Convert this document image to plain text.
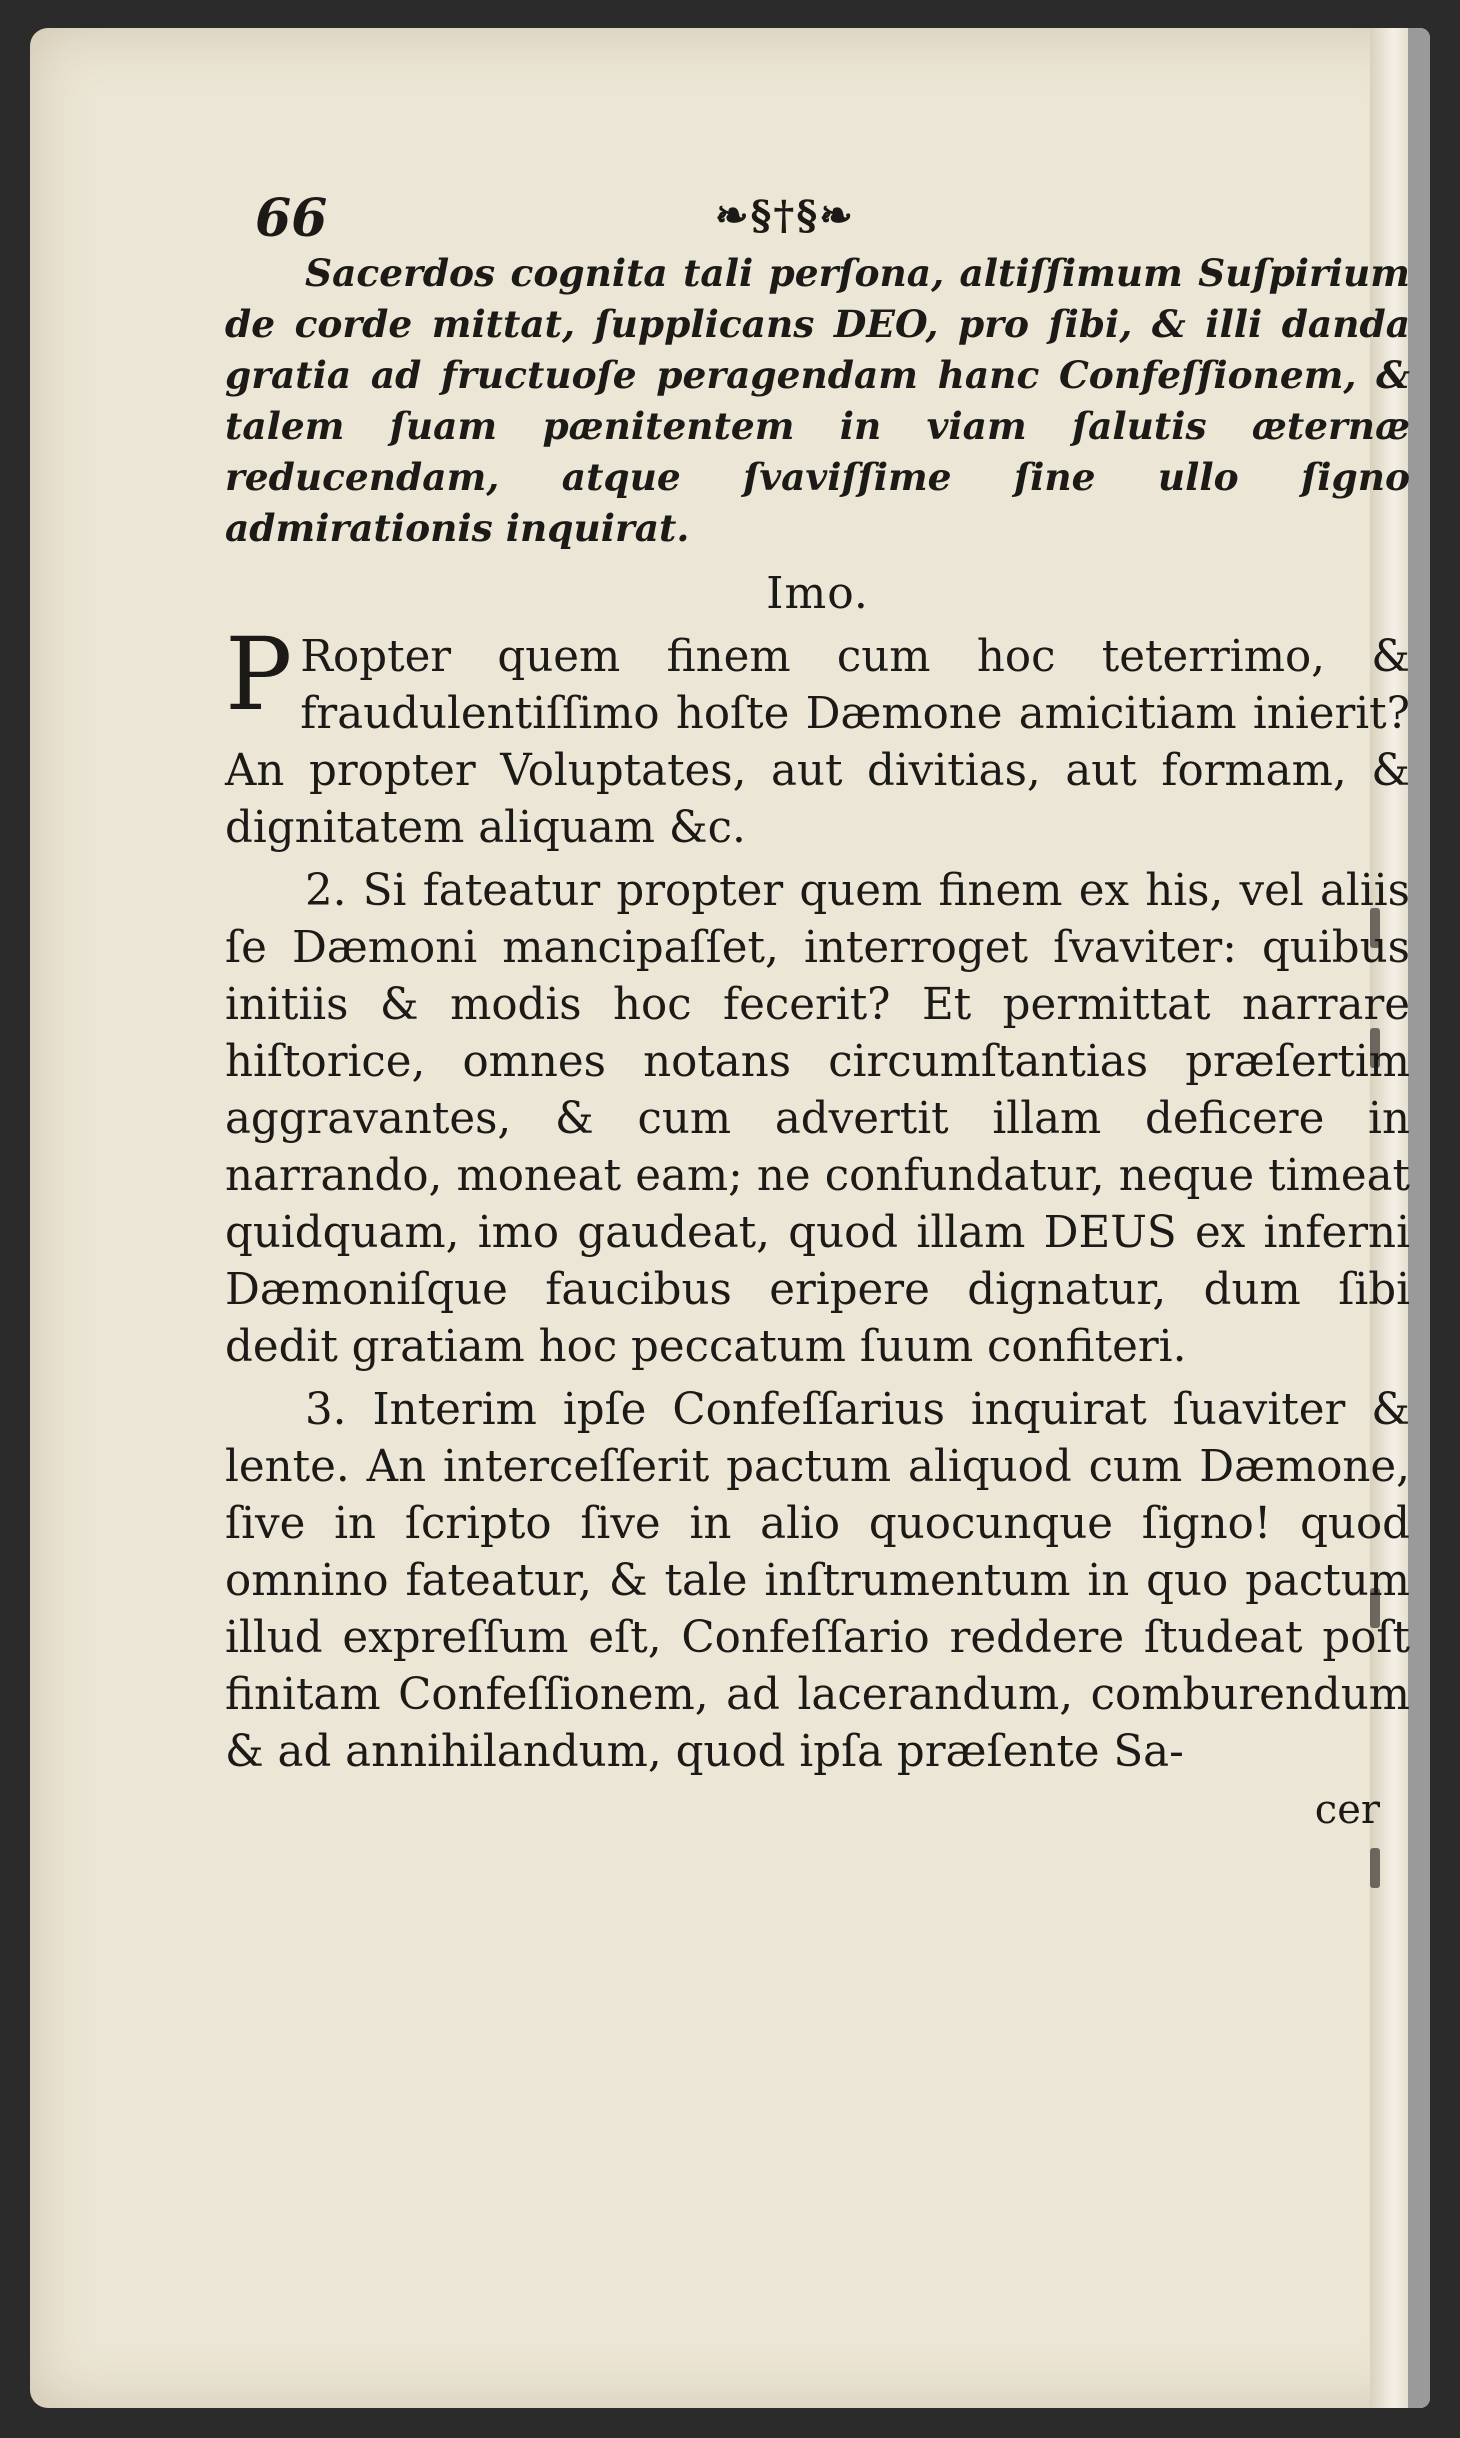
66	❧§†§❧

Sacerdos cognita tali perſona, altiſſimum Suſpirium de corde mittat, ſupplicans DEO, pro ſibi, & illi danda gratia ad fructuoſe peragendam hanc Confeſſionem, & talem ſuam pænitentem in viam ſalutis æternæ reducendam, atque ſvaviſſime ſine ullo ſigno admirationis inquirat.

Imo.

P Ropter quem finem cum hoc teterrimo, & fraudulentiſſimo hoſte Dæmone amicitiam inierit? An propter Voluptates, aut divitias, aut formam, & dignitatem aliquam &c.

2. Si fateatur propter quem finem ex his, vel aliis ſe Dæmoni mancipaſſet, interroget ſvaviter: quibus initiis & modis hoc fecerit? Et permittat narrare hiſtorice, omnes notans circumſtantias præſertim aggravantes, & cum advertit illam deficere in narrando, moneat eam; ne confundatur, neque timeat quidquam, imo gaudeat, quod illam DEUS ex inferni Dæmoniſque faucibus eripere dignatur, dum ſibi dedit gratiam hoc peccatum ſuum confiteri.

3. Interim ipſe Confeſſarius inquirat ſuaviter & lente. An interceſſerit pactum aliquod cum Dæmone, ſive in ſcripto ſive in alio quocunque ſigno! quod omnino fateatur, & tale inſtrumentum in quo pactum illud expreſſum eſt, Confeſſario reddere ſtudeat poſt finitam Confeſſionem, ad lacerandum, comburendum & ad annihilandum, quod ipſa præſente Sa-

cer
